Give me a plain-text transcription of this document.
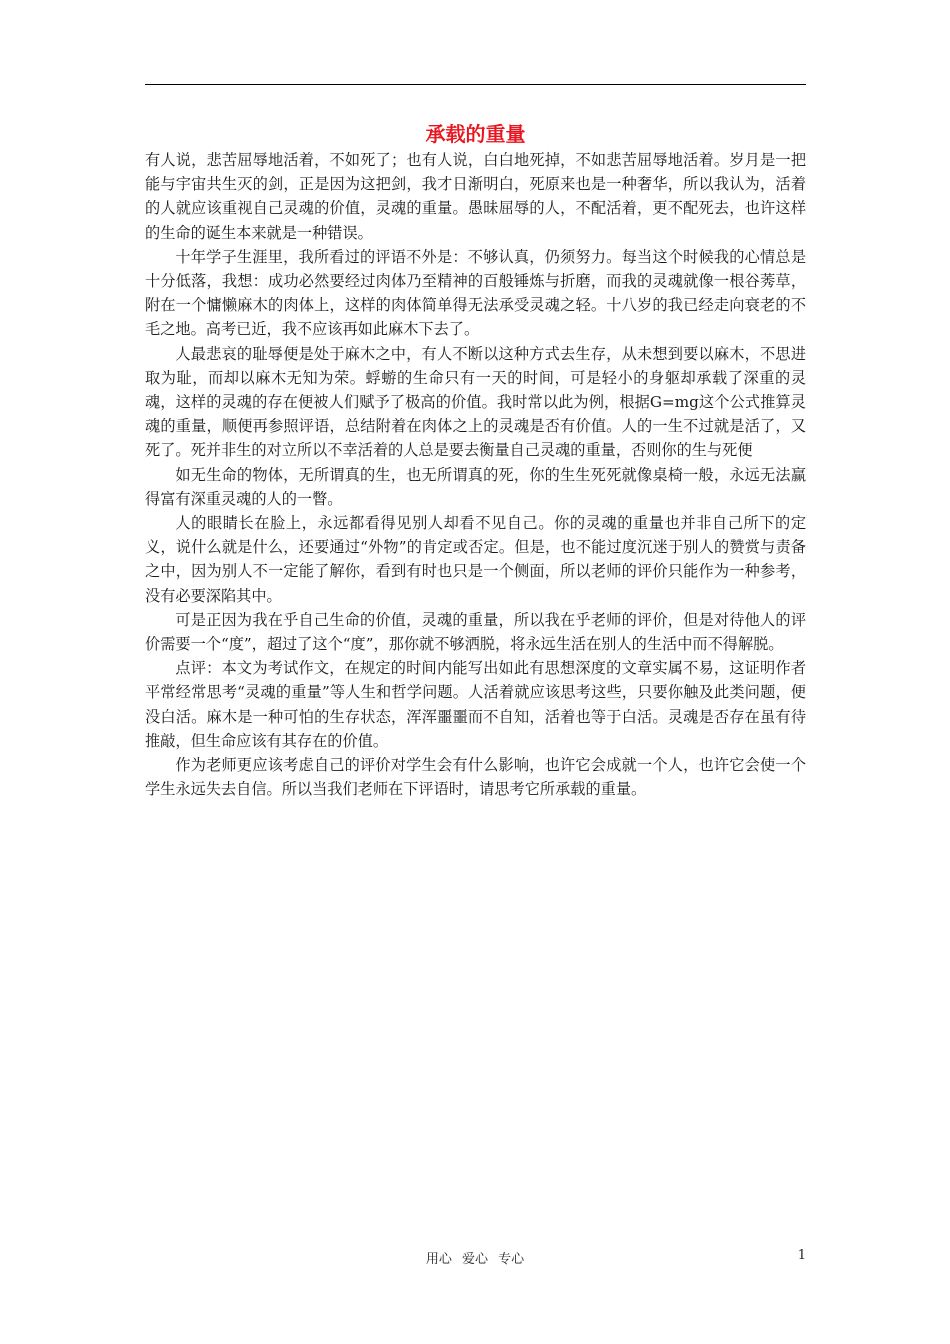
承载的重量

有人说，悲苦屈辱地活着，不如死了；也有人说，白白地死掉，不如悲苦屈辱地活着。岁月是一把能与宇宙共生灭的剑，正是因为这把剑，我才日渐明白，死原来也是一种奢华，所以我认为，活着的人就应该重视自己灵魂的价值，灵魂的重量。愚昧屈辱的人，不配活着，更不配死去，也许这样的生命的诞生本来就是一种错误。

十年学子生涯里，我所看过的评语不外是：不够认真，仍须努力。每当这个时候我的心情总是十分低落，我想：成功必然要经过肉体乃至精神的百般锤炼与折磨，而我的灵魂就像一根谷莠草，附在一个慵懒麻木的肉体上，这样的肉体简单得无法承受灵魂之轻。十八岁的我已经走向衰老的不毛之地。高考已近，我不应该再如此麻木下去了。

人最悲哀的耻辱便是处于麻木之中，有人不断以这种方式去生存，从未想到要以麻木，不思进取为耻，而却以麻木无知为荣。蜉蝣的生命只有一天的时间，可是轻小的身躯却承载了深重的灵魂，这样的灵魂的存在便被人们赋予了极高的价值。我时常以此为例，根据G=mg这个公式推算灵魂的重量，顺便再参照评语，总结附着在肉体之上的灵魂是否有价值。人的一生不过就是活了，又死了。死并非生的对立所以不幸活着的人总是要去衡量自己灵魂的重量，否则你的生与死便

如无生命的物体，无所谓真的生，也无所谓真的死，你的生生死死就像桌椅一般，永远无法赢得富有深重灵魂的人的一瞥。

人的眼睛长在脸上，永远都看得见别人却看不见自己。你的灵魂的重量也并非自己所下的定义，说什么就是什么，还要通过“外物”的肯定或否定。但是，也不能过度沉迷于别人的赞赏与责备之中，因为别人不一定能了解你，看到有时也只是一个侧面，所以老师的评价只能作为一种参考，没有必要深陷其中。

可是正因为我在乎自己生命的价值，灵魂的重量，所以我在乎老师的评价，但是对待他人的评价需要一个“度”，超过了这个“度”，那你就不够洒脱，将永远生活在别人的生活中而不得解脱。

点评：本文为考试作文，在规定的时间内能写出如此有思想深度的文章实属不易，这证明作者平常经常思考“灵魂的重量”等人生和哲学问题。人活着就应该思考这些，只要你触及此类问题，便没白活。麻木是一种可怕的生存状态，浑浑噩噩而不自知，活着也等于白活。灵魂是否存在虽有待推敲，但生命应该有其存在的价值。

作为老师更应该考虑自己的评价对学生会有什么影响，也许它会成就一个人，也许它会使一个学生永远失去自信。所以当我们老师在下评语时，请思考它所承载的重量。

用心 爱心 专心	1
